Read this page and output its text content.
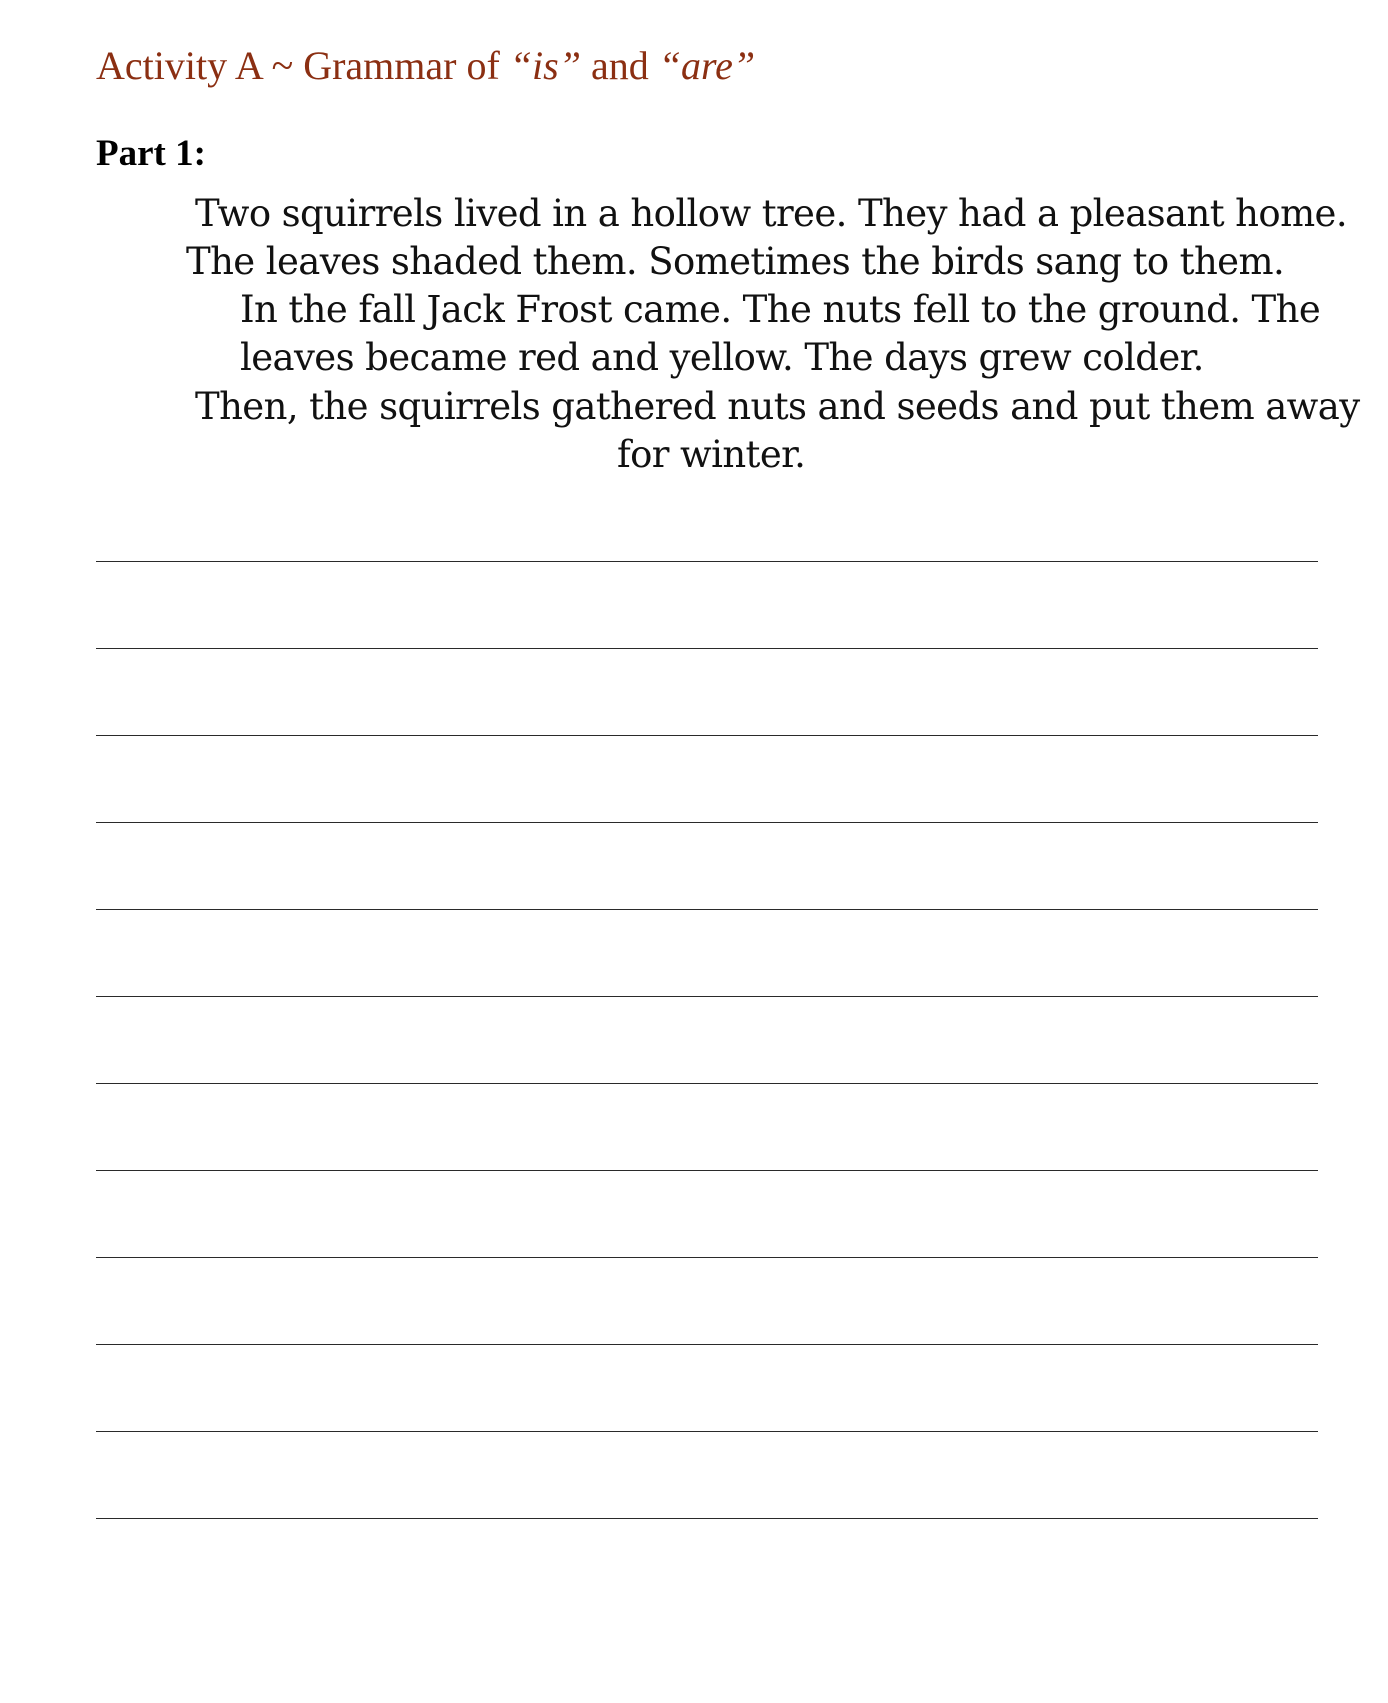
Activity A ~ Grammar of “is” and “are”
Part 1:
Two squirrels lived in a hollow tree. They had a pleasant home.
The leaves shaded them. Sometimes the birds sang to them.
In the fall Jack Frost came. The nuts fell to the ground. The
leaves became red and yellow. The days grew colder.
Then, the squirrels gathered nuts and seeds and put them away
for winter.
